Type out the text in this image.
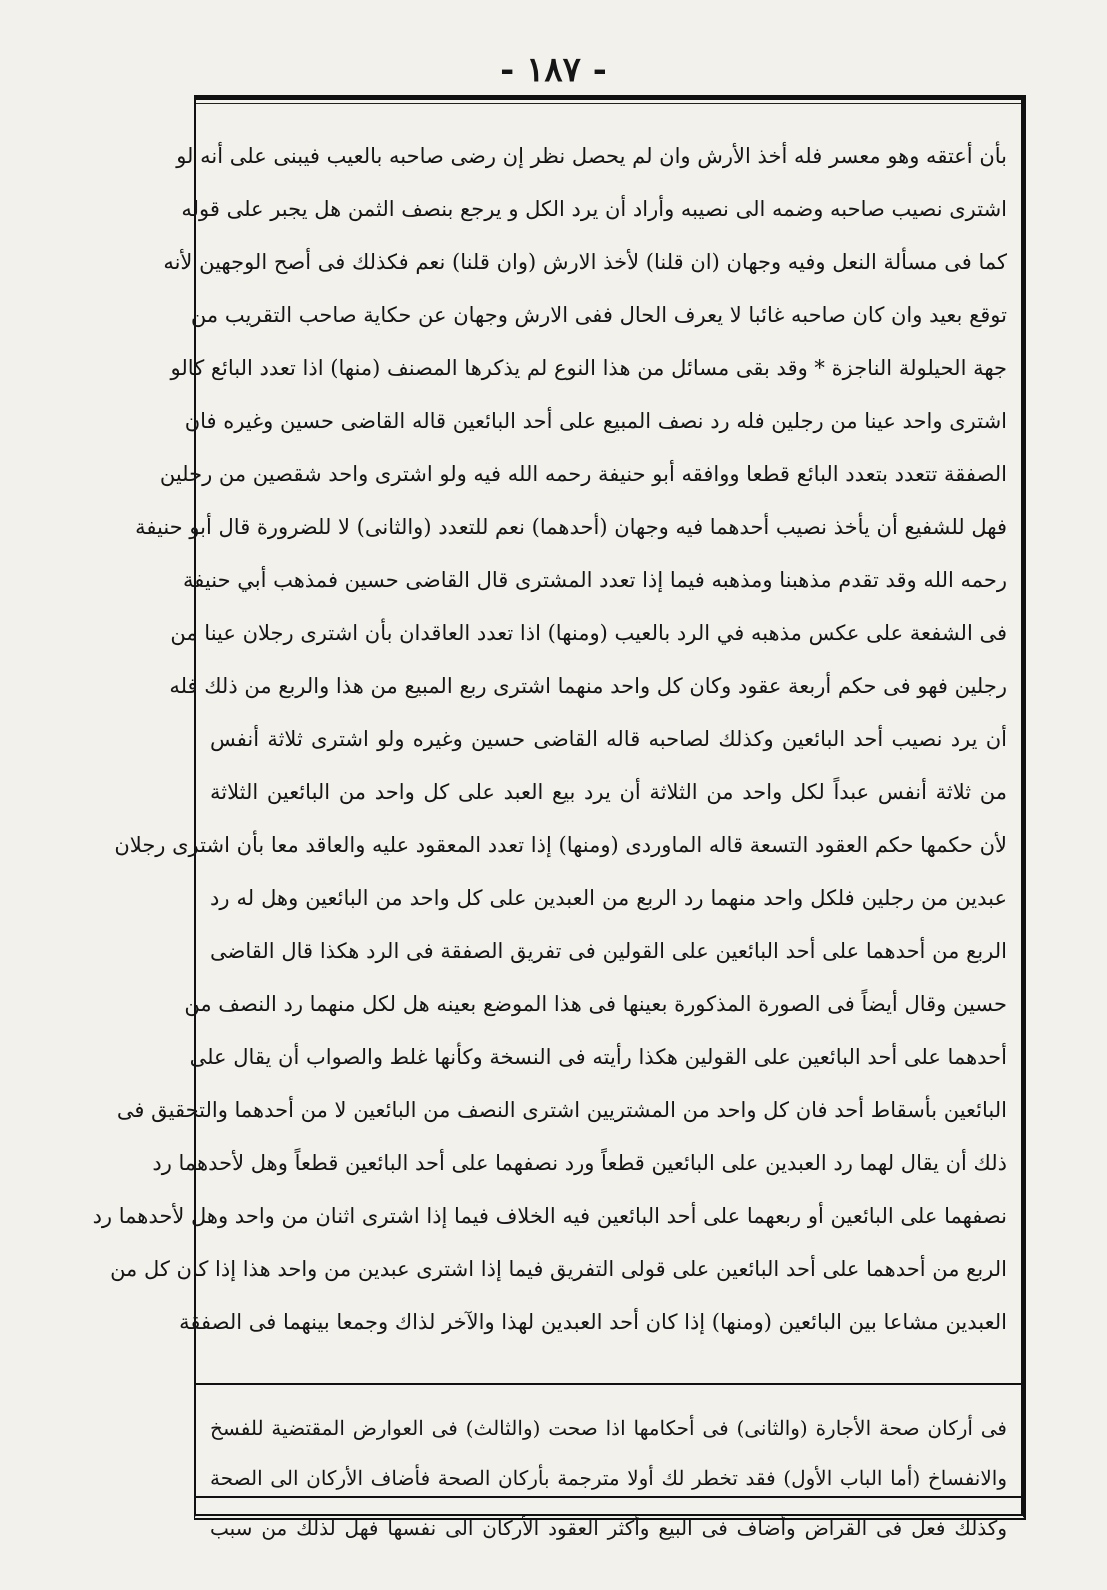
- ١٨٧ -
بأن أعتقه وهو معسر فله أخذ الأرش وان لم يحصل نظر إن رضى صاحبه بالعيب فيبنى على أنه لو
اشترى نصيب صاحبه وضمه الى نصيبه وأراد أن يرد الكل و يرجع بنصف الثمن هل يجبر على قوله
كما فى مسألة النعل وفيه وجهان (ان قلنا) لأخذ الارش (وان قلنا) نعم فكذلك فى أصح الوجهين لأنه
توقع بعيد وان كان صاحبه غائبا لا يعرف الحال ففى الارش وجهان عن حكاية صاحب التقريب من
جهة الحيلولة الناجزة * وقد بقى مسائل من هذا النوع لم يذكرها المصنف (منها) اذا تعدد البائع كالو
اشترى واحد عينا من رجلين فله رد نصف المبيع على أحد البائعين قاله القاضى حسين وغيره فان
الصفقة تتعدد بتعدد البائع قطعا ووافقه أبو حنيفة رحمه الله فيه ولو اشترى واحد شقصين من رجلين
فهل للشفيع أن يأخذ نصيب أحدهما فيه وجهان (أحدهما) نعم للتعدد (والثانى) لا للضرورة قال أبو حنيفة
رحمه الله وقد تقدم مذهبنا ومذهبه فيما إذا تعدد المشترى قال القاضى حسين فمذهب أبي حنيفة
فى الشفعة على عكس مذهبه في الرد بالعيب (ومنها) اذا تعدد العاقدان بأن اشترى رجلان عينا من
رجلين فهو فى حكم أربعة عقود وكان كل واحد منهما اشترى ربع المبيع من هذا والربع من ذلك فله
أن يرد نصيب أحد البائعين وكذلك لصاحبه قاله القاضى حسين وغيره ولو اشترى ثلاثة أنفس
من ثلاثة أنفس عبداً لكل واحد من الثلاثة أن يرد بيع العبد على كل واحد من البائعين الثلاثة
لأن حكمها حكم العقود التسعة قاله الماوردى (ومنها) إذا تعدد المعقود عليه والعاقد معا بأن اشترى رجلان
عبدين من رجلين فلكل واحد منهما رد الربع من العبدين على كل واحد من البائعين وهل له رد
الربع من أحدهما على أحد البائعين على القولين فى تفريق الصفقة فى الرد هكذا قال القاضى
حسين وقال أيضاً فى الصورة المذكورة بعينها فى هذا الموضع بعينه هل لكل منهما رد النصف من
أحدهما على أحد البائعين على القولين هكذا رأيته فى النسخة وكأنها غلط والصواب أن يقال على
البائعين بأسقاط أحد فان كل واحد من المشتريين اشترى النصف من البائعين لا من أحدهما والتحقيق فى
ذلك أن يقال لهما رد العبدين على البائعين قطعاً ورد نصفهما على أحد البائعين قطعاً وهل لأحدهما رد
نصفهما على البائعين أو ربعهما على أحد البائعين فيه الخلاف فيما إذا اشترى اثنان من واحد وهل لأحدهما رد
الربع من أحدهما على أحد البائعين على قولى التفريق فيما إذا اشترى عبدين من واحد هذا إذا كان كل من
العبدين مشاعا بين البائعين (ومنها) إذا كان أحد العبدين لهذا والآخر لذاك وجمعا بينهما فى الصفقة
فى أركان صحة الأجارة (والثانى) فى أحكامها اذا صحت (والثالث) فى العوارض المقتضية للفسخ
والانفساخ (أما الباب الأول) فقد تخطر لك أولا مترجمة بأركان الصحة فأضاف الأركان الى الصحة
وكذلك فعل فى القراض وأضاف فى البيع وأكثر العقود الأركان الى نفسها فهل لذلك من سبب
